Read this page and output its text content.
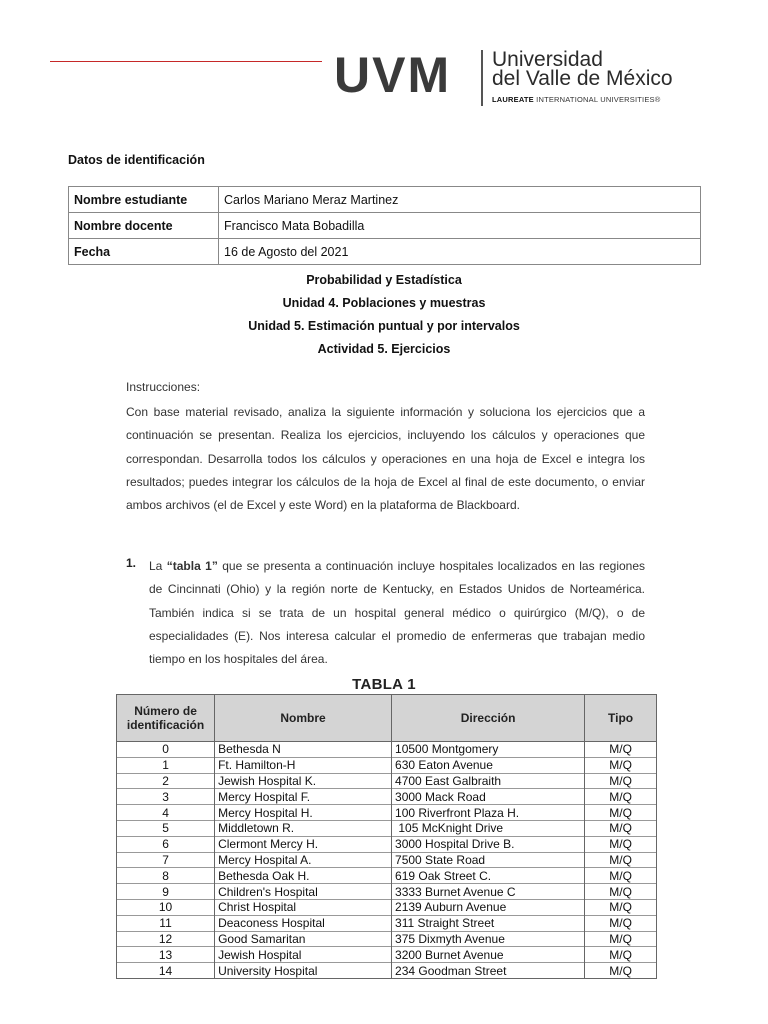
UVM Universidad
del Valle de México
LAUREATE INTERNATIONAL UNIVERSITIES®
Datos de identificación
Nombre estudiante	Carlos Mariano Meraz Martinez
Nombre docente	Francisco Mata Bobadilla
Fecha	16 de Agosto del 2021
Probabilidad y Estadística
Unidad 4. Poblaciones y muestras
Unidad 5. Estimación puntual y por intervalos
Actividad 5. Ejercicios
Instrucciones:
Con base material revisado, analiza la siguiente información y soluciona los ejercicios que a continuación se presentan. Realiza los ejercicios, incluyendo los cálculos y operaciones que correspondan. Desarrolla todos los cálculos y operaciones en una hoja de Excel e integra los resultados; puedes integrar los cálculos de la hoja de Excel al final de este documento, o enviar ambos archivos (el de Excel y este Word) en la plataforma de Blackboard.
1. La “tabla 1” que se presenta a continuación incluye hospitales localizados en las regiones de Cincinnati (Ohio) y la región norte de Kentucky, en Estados Unidos de Norteamérica. También indica si se trata de un hospital general médico o quirúrgico (M/Q), o de especialidades (E). Nos interesa calcular el promedio de enfermeras que trabajan medio tiempo en los hospitales del área.
TABLA 1
Número de identificación	Nombre	Dirección	Tipo
0	Bethesda N	10500 Montgomery	M/Q
1	Ft. Hamilton-H	630 Eaton Avenue	M/Q
2	Jewish Hospital K.	4700 East Galbraith	M/Q
3	Mercy Hospital F.	3000 Mack Road	M/Q
4	Mercy Hospital H.	100 Riverfront Plaza H.	M/Q
5	Middletown R.	105 McKnight Drive	M/Q
6	Clermont Mercy H.	3000 Hospital Drive B.	M/Q
7	Mercy Hospital A.	7500 State Road	M/Q
8	Bethesda Oak H.	619 Oak Street C.	M/Q
9	Children's Hospital	3333 Burnet Avenue C	M/Q
10	Christ Hospital	2139 Auburn Avenue	M/Q
11	Deaconess Hospital	311 Straight Street	M/Q
12	Good Samaritan	375 Dixmyth Avenue	M/Q
13	Jewish Hospital	3200 Burnet Avenue	M/Q
14	University Hospital	234 Goodman Street	M/Q
